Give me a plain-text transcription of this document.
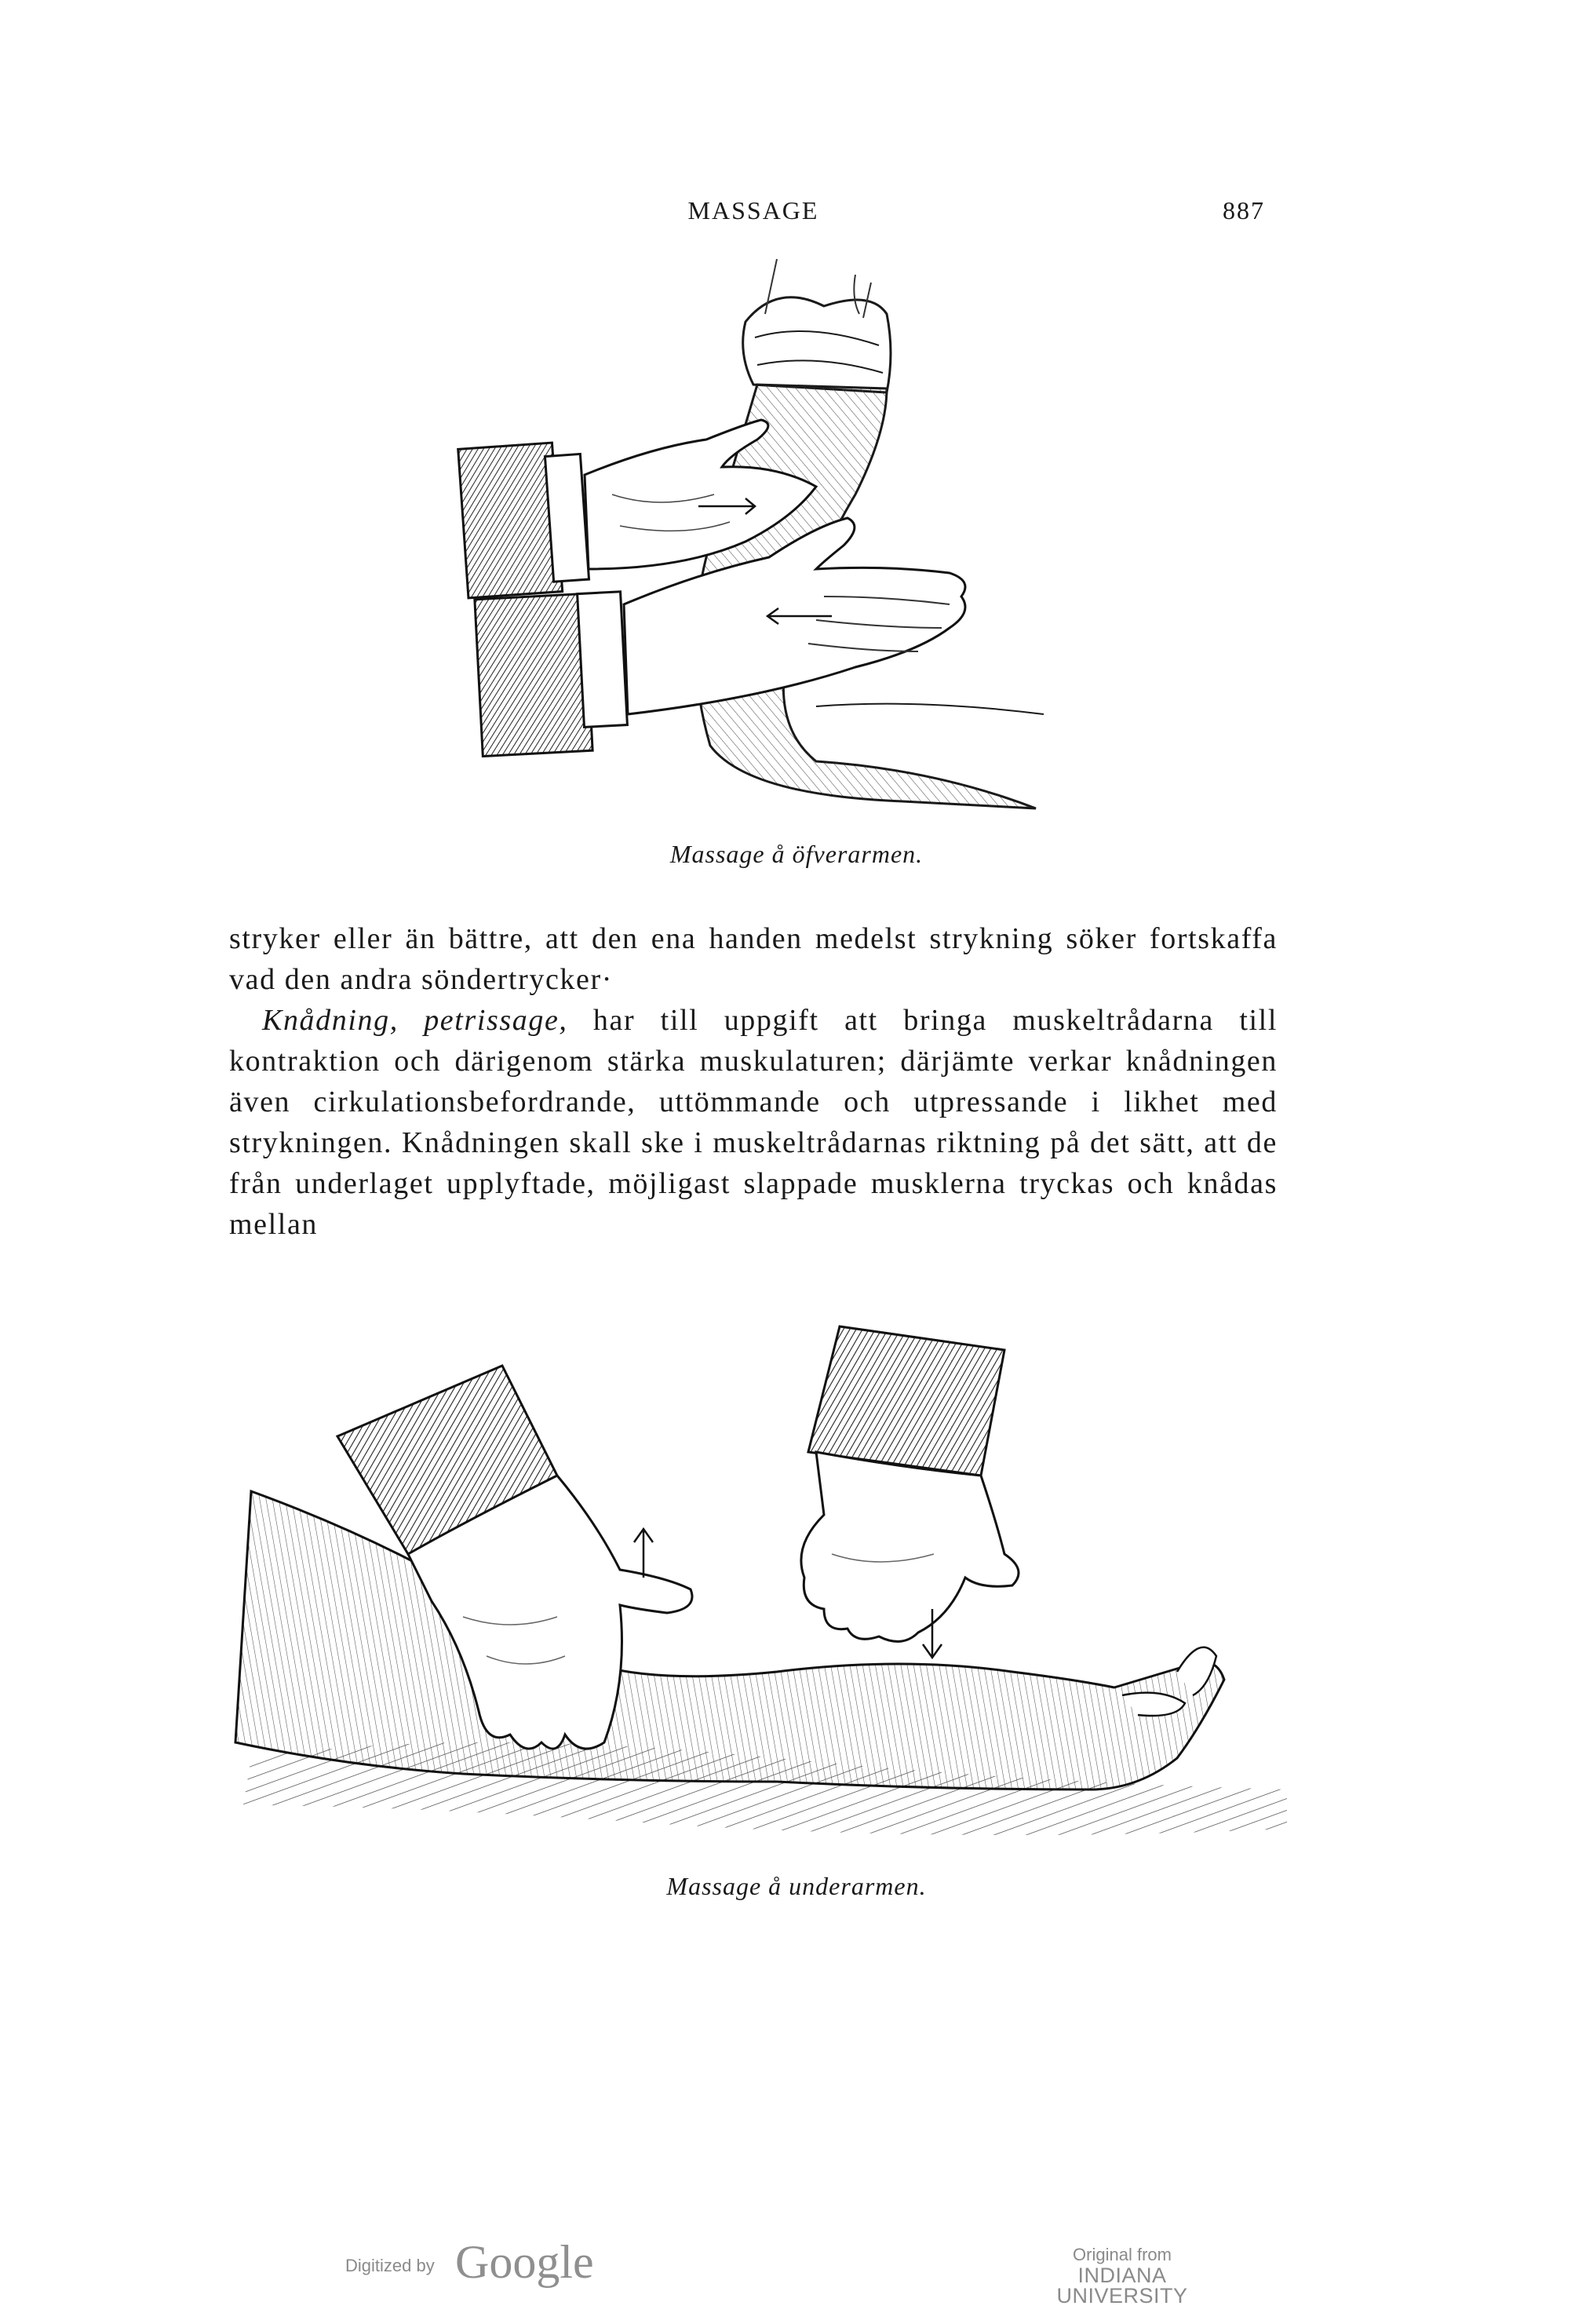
MASSAGE	887
Massage å öfverarmen.

stryker eller än bättre, att den ena handen medelst strykning söker fortskaffa vad den andra söndertrycker·

Knådning, petrissage, har till uppgift att bringa muskeltrådarna till kontraktion och därigenom stärka muskulaturen; därjämte verkar knådningen även cirkulationsbefordrande, uttömmande och utpressande i likhet med strykningen. Knådningen skall ske i muskeltrådarnas riktning på det sätt, att de från underlaget upplyftade, möjligast slappade musklerna tryckas och knådas mellan

Massage å underarmen.
Digitized by Google	Original from
INDIANA UNIVERSITY
